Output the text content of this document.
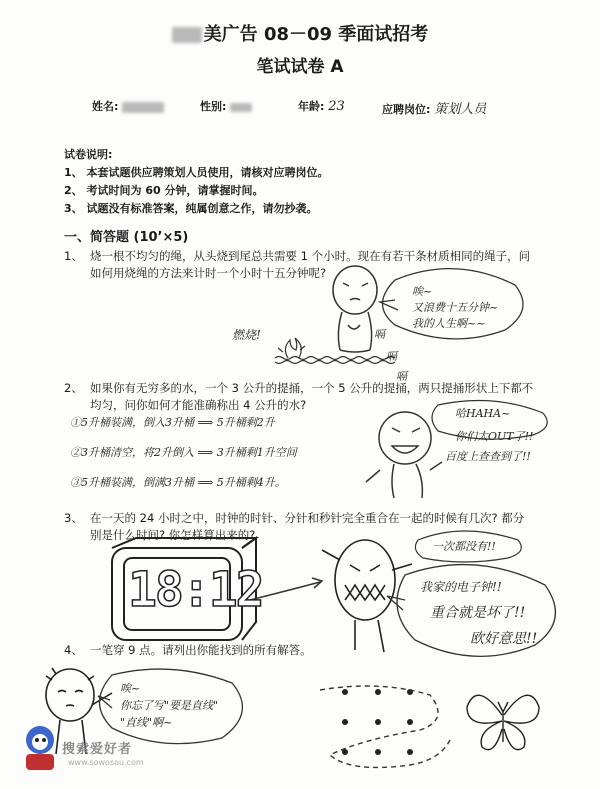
美广告 08－09 季面试招考
笔试试卷 A
姓名:	性别:	年龄: 23	应聘岗位: 策划人员
试卷说明:
1、 本套试题供应聘策划人员使用，请核对应聘岗位。
2、 考试时间为 60 分钟，请掌握时间。
3、 试题没有标准答案，纯属创意之作，请勿抄袭。
一、简答题 (10’×5)
1、 烧一根不均匀的绳，从头烧到尾总共需要 1 个小时。现在有若干条材质相同的绳子，问
如何用烧绳的方法来计时一个小时十五分钟呢?
2、 如果你有无穷多的水，一个 3 公升的提捅，一个 5 公升的提捅，两只提捅形状上下都不
均匀，问你如何才能准确称出 4 公升的水?
①5升桶装满，倒入3升桶 ⟹ 5升桶剩2升
②3升桶清空，将2升倒入 ⟹ 3升桶剩1升空间
③5升桶装满，倒满3升桶 ⟹ 5升桶剩4升。
3、 在一天的 24 小时之中，时钟的时针、分针和秒针完全重合在一起的时候有几次? 都分
别是什么时间? 你怎样算出来的?
4、 一笔穿 9 点。请列出你能找到的所有解答。
燃烧!	嗝
嗝
嗝
唉~
又浪费十五分钟~
我的人生啊~~
哈HAHA~
你们太OUT了!!
百度上查查到了!!
18:12
一次都没有!!
我家的电子钟!!
重合就是坏了!!
欧好意思!!
唉~
你忘了写"要是直线"
"直线"啊~
搜索爱好者
www.sowosou.com
